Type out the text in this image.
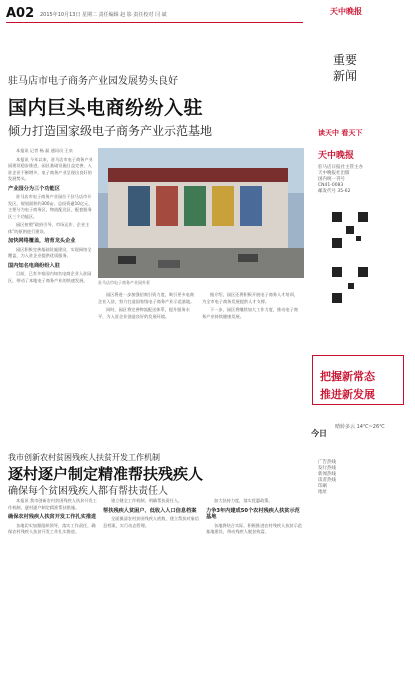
A02 2015年10月13日 星期二 责任编辑 赵 影 责任校对 闫 斌
驻马店市电子商务产业园发展势头良好
国内巨头电商纷纷入驻
倾力打造国家级电子商务产业示范基地

本报讯 记者 杨 磊 通讯员 王泉

本报讯 今年以来，驻马店市电子商务产业园建设稳步推进，园区基础设施日益完善，入驻企业不断增多，电子商务产业呈现出良好的发展势头。

产业园分为三个功能区

驻马店市电子商务产业园位于驻马店市开发区，规划面积约300亩，总投资逾10亿元，主要分为电子商务区、物流配送区、配套服务区三个功能区。

园区按照“政府引导、市场运作、企业主体”的原则进行建设。

加快网络覆盖，培育龙头企业

园区积极完善基础设施建设，实现网络全覆盖，为入驻企业提供优质服务。

国内知名电商纷纷入驻

目前，已有多家国内知名电商企业入驻园区，带动了本地电子商务产业的快速发展。	驻马店市电子商务产业园外景

园区将进一步加强招商引资力度，吸引更多电商企业入驻，努力打造国家级电子商务产业示范基地。

同时，园区将完善物流配送体系，提升服务水平，为入驻企业创造良好的发展环境。

据介绍，园区还将积极开展电子商务人才培训，为全市电子商务发展提供人才支撑。

下一步，园区将继续加大工作力度，推动电子商务产业持续健康发展。

我市创新农村贫困残疾人扶贫开发工作机制
逐村逐户制定精准帮扶残疾人
确保每个贫困残疾人都有帮扶责任人

本报讯 我市创新农村贫困残疾人扶贫开发工作机制，逐村逐户制定精准帮扶措施。

确保农村残疾人扶贫开发工作扎实推进

各地切实加强组织领导，落实工作责任，确保农村残疾人扶贫开发工作扎实推进。

建立健全工作机制，明确帮扶责任人。

帮扶残疾人贫困户、低收入人口信息档案

全面摸清农村贫困残疾人底数，建立帮扶对象信息档案，实行动态管理。

加大扶持力度，落实优惠政策。

力争3年内建成50个农村残疾人扶贫示范基地

各地将结合实际，积极推进农村残疾人扶贫示范基地建设，带动残疾人脱贫致富。

天中晚报
重要 新闻
读天中 看天下
天中晚报
驻马店日报社主管主办
天中晚报社出版
国内统一刊号
CN41-0083
邮发代号 35-62
把握新常态
推进新发展
今日
晴转多云 14℃~26℃
广告热线
发行热线
新闻热线
读者热线
印刷
地址
